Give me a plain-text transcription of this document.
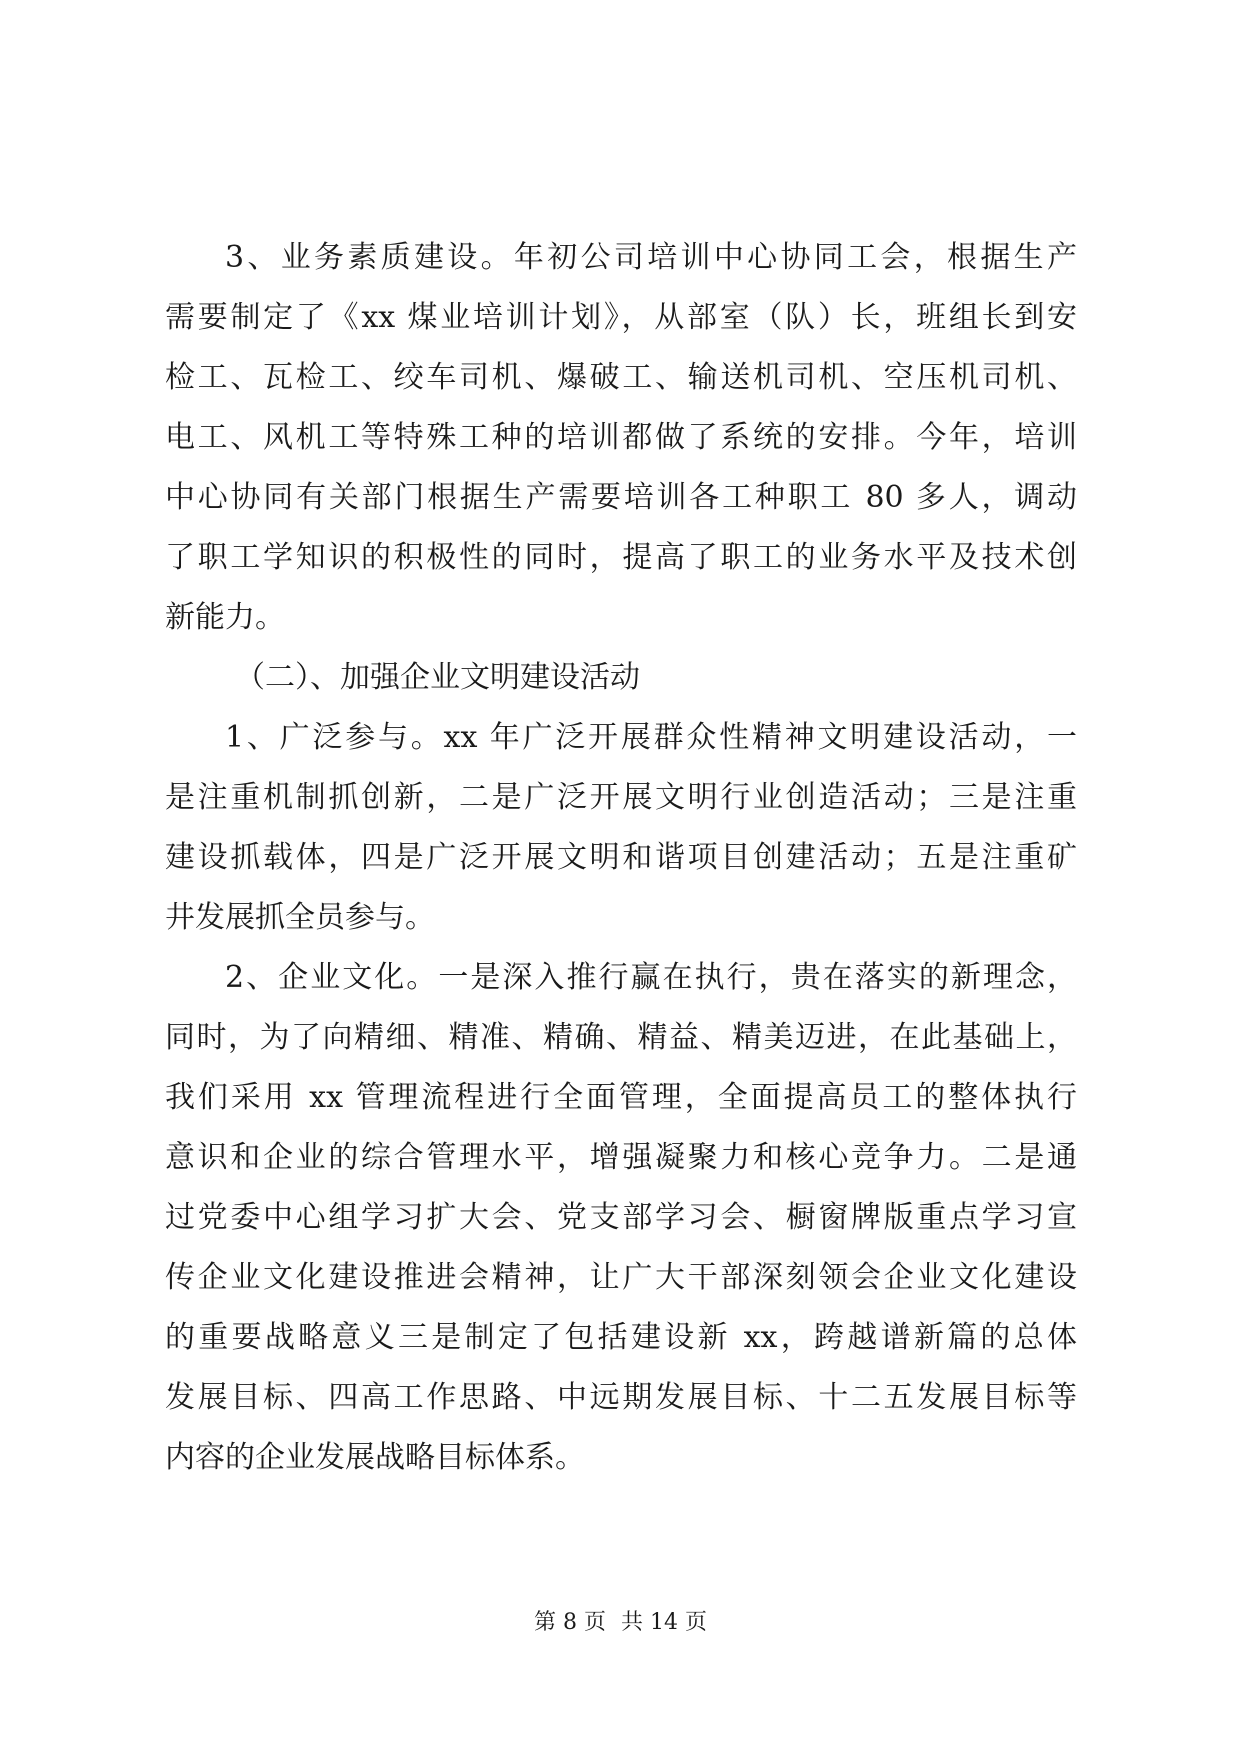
3、业务素质建设。年初公司培训中心协同工会，根据生产
需要制定了《xx 煤业培训计划》，从部室（队）长，班组长到安
检工、瓦检工、绞车司机、爆破工、输送机司机、空压机司机、
电工、风机工等特殊工种的培训都做了系统的安排。今年，培训
中心协同有关部门根据生产需要培训各工种职工 80 多人，调动
了职工学知识的积极性的同时，提高了职工的业务水平及技术创
新能力。
（二）、加强企业文明建设活动
1、广泛参与。xx 年广泛开展群众性精神文明建设活动，一
是注重机制抓创新，二是广泛开展文明行业创造活动；三是注重
建设抓载体，四是广泛开展文明和谐项目创建活动；五是注重矿
井发展抓全员参与。
2、企业文化。一是深入推行赢在执行，贵在落实的新理念，
同时，为了向精细、精准、精确、精益、精美迈进，在此基础上，
我们采用 xx 管理流程进行全面管理，全面提高员工的整体执行
意识和企业的综合管理水平，增强凝聚力和核心竞争力。二是通
过党委中心组学习扩大会、党支部学习会、橱窗牌版重点学习宣
传企业文化建设推进会精神，让广大干部深刻领会企业文化建设
的重要战略意义三是制定了包括建设新 xx，跨越谱新篇的总体
发展目标、四高工作思路、中远期发展目标、十二五发展目标等
内容的企业发展战略目标体系。
第 8 页 共 14 页
